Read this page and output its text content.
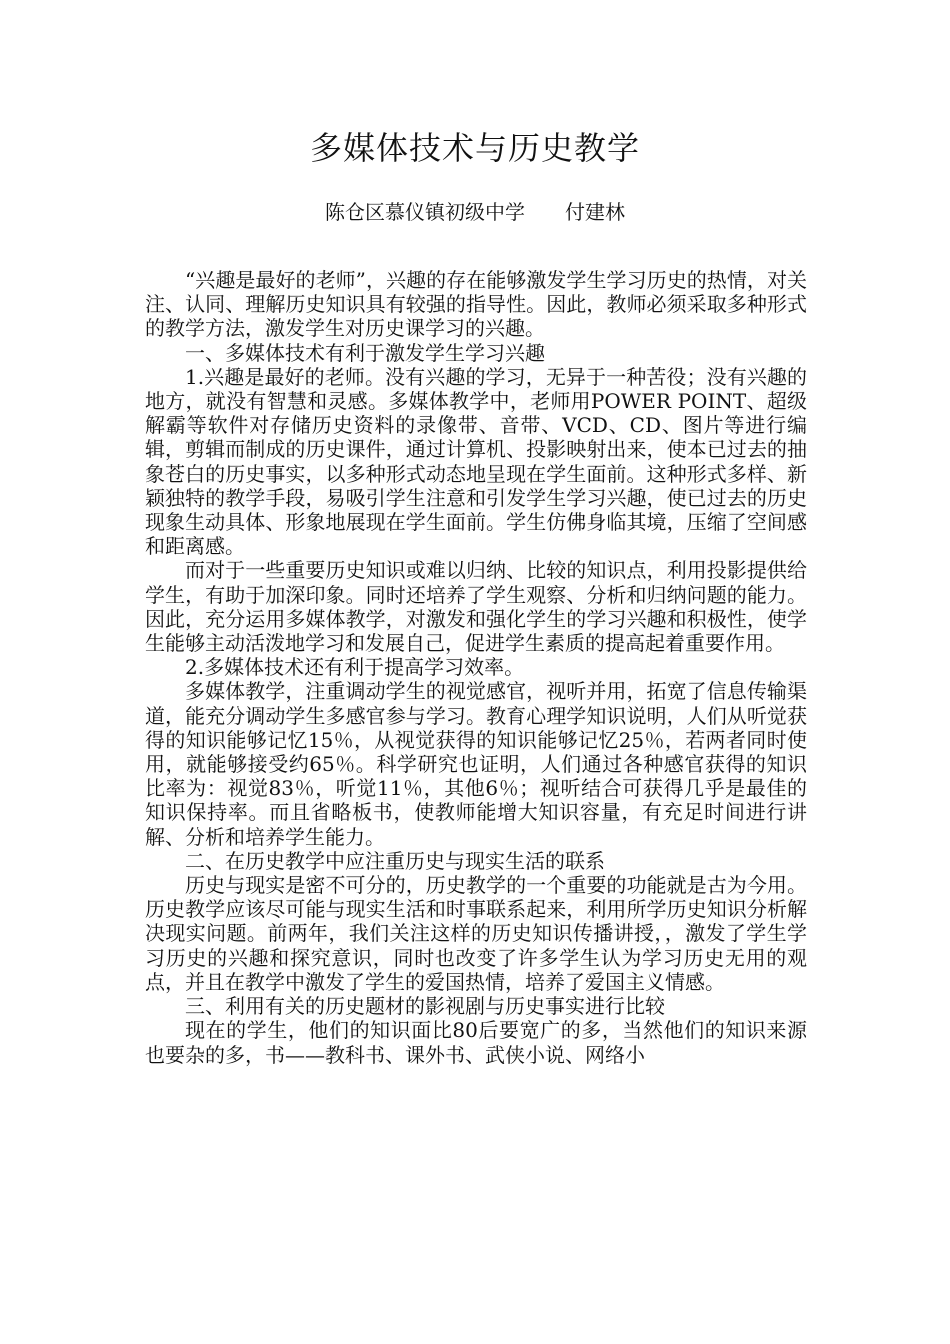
多媒体技术与历史教学
陈仓区慕仪镇初级中学 付建林

“兴趣是最好的老师”，兴趣的存在能够激发学生学习历史的热情，对关注、认同、理解历史知识具有较强的指导性。因此，教师必须采取多种形式的教学方法，激发学生对历史课学习的兴趣。

一、多媒体技术有利于激发学生学习兴趣

1.兴趣是最好的老师。没有兴趣的学习，无异于一种苦役；没有兴趣的地方，就没有智慧和灵感。多媒体教学中，老师用POWER POINT、超级解霸等软件对存储历史资料的录像带、音带、VCD、CD、图片等进行编辑，剪辑而制成的历史课件，通过计算机、投影映射出来，使本已过去的抽象苍白的历史事实，以多种形式动态地呈现在学生面前。这种形式多样、新颖独特的教学手段，易吸引学生注意和引发学生学习兴趣，使已过去的历史现象生动具体、形象地展现在学生面前。学生仿佛身临其境，压缩了空间感和距离感。

而对于一些重要历史知识或难以归纳、比较的知识点，利用投影提供给学生，有助于加深印象。同时还培养了学生观察、分析和归纳问题的能力。因此，充分运用多媒体教学，对激发和强化学生的学习兴趣和积极性，使学生能够主动活泼地学习和发展自己，促进学生素质的提高起着重要作用。

2.多媒体技术还有利于提高学习效率。

多媒体教学，注重调动学生的视觉感官，视听并用，拓宽了信息传输渠道，能充分调动学生多感官参与学习。教育心理学知识说明，人们从听觉获得的知识能够记忆15％，从视觉获得的知识能够记忆25％，若两者同时使用，就能够接受约65％。科学研究也证明，人们通过各种感官获得的知识比率为：视觉83％，听觉11％，其他6％；视听结合可获得几乎是最佳的知识保持率。而且省略板书，使教师能增大知识容量，有充足时间进行讲解、分析和培养学生能力。

二、在历史教学中应注重历史与现实生活的联系

历史与现实是密不可分的，历史教学的一个重要的功能就是古为今用。历史教学应该尽可能与现实生活和时事联系起来，利用所学历史知识分析解决现实问题。前两年，我们关注这样的历史知识传播讲授，，激发了学生学习历史的兴趣和探究意识，同时也改变了许多学生认为学习历史无用的观点，并且在教学中激发了学生的爱国热情，培养了爱国主义情感。

三、利用有关的历史题材的影视剧与历史事实进行比较

现在的学生，他们的知识面比80后要宽广的多，当然他们的知识来源也要杂的多，书——教科书、课外书、武侠小说、网络小
